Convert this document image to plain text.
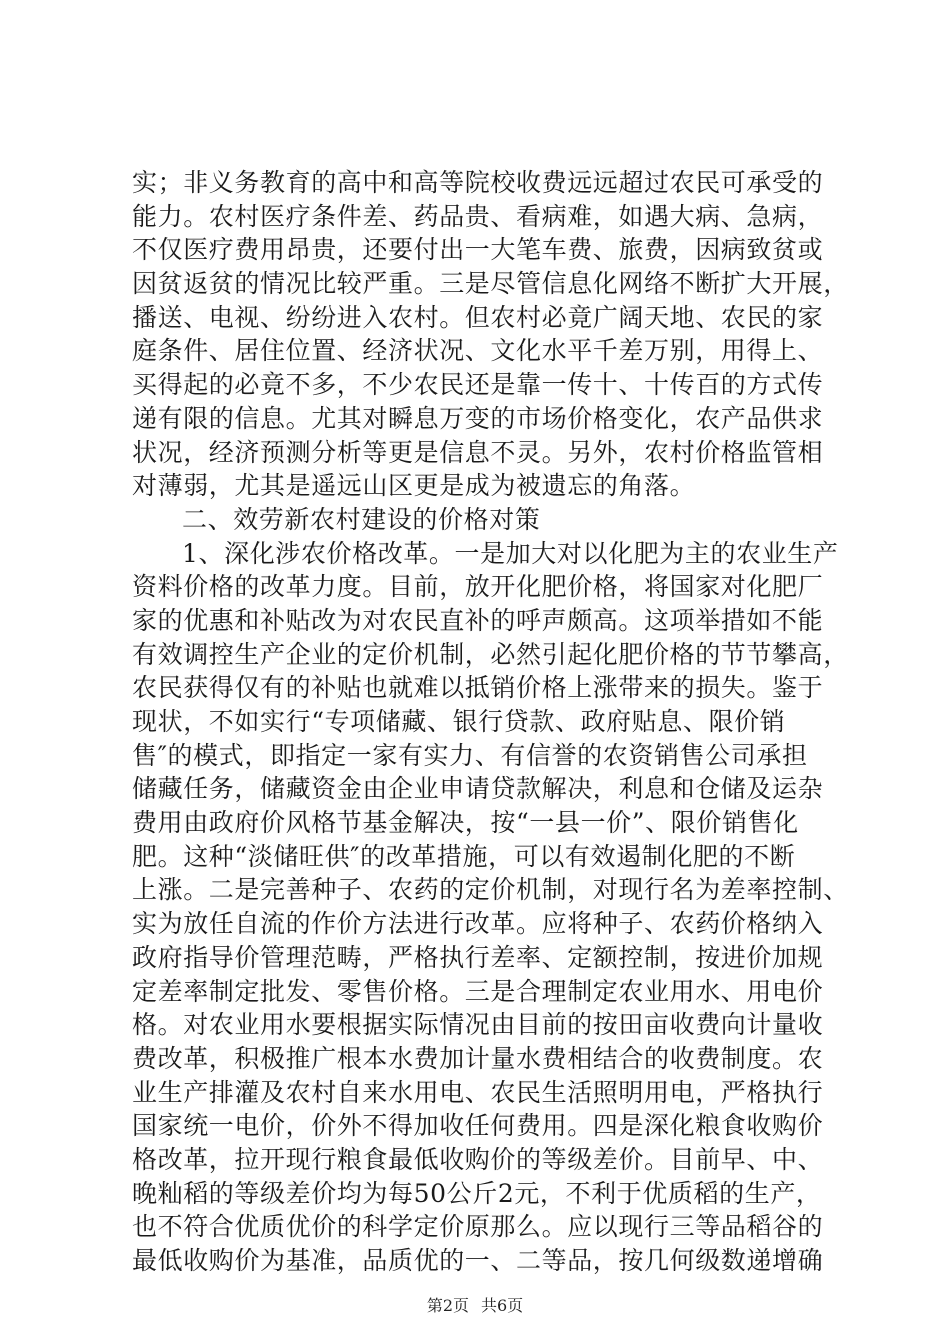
实；非义务教育的高中和高等院校收费远远超过农民可承受的
能力。农村医疗条件差、药品贵、看病难，如遇大病、急病，
不仅医疗费用昂贵，还要付出一大笔车费、旅费，因病致贫或
因贫返贫的情况比较严重。三是尽管信息化网络不断扩大开展，
播送、电视、纷纷进入农村。但农村必竟广阔天地、农民的家
庭条件、居住位置、经济状况、文化水平千差万别，用得上、
买得起的必竟不多，不少农民还是靠一传十、十传百的方式传
递有限的信息。尤其对瞬息万变的市场价格变化，农产品供求
状况，经济预测分析等更是信息不灵。另外，农村价格监管相
对薄弱，尤其是遥远山区更是成为被遗忘的角落。
二、效劳新农村建设的价格对策
1、深化涉农价格改革。一是加大对以化肥为主的农业生产
资料价格的改革力度。目前，放开化肥价格，将国家对化肥厂
家的优惠和补贴改为对农民直补的呼声颇高。这项举措如不能
有效调控生产企业的定价机制，必然引起化肥价格的节节攀高，
农民获得仅有的补贴也就难以抵销价格上涨带来的损失。鉴于
现状，不如实行“专项储藏、银行贷款、政府贴息、限价销
售″的模式，即指定一家有实力、有信誉的农资销售公司承担
储藏任务，储藏资金由企业申请贷款解决，利息和仓储及运杂
费用由政府价风格节基金解决，按“一县一价”、限价销售化
肥。这种“淡储旺供″的改革措施，可以有效遏制化肥的不断
上涨。二是完善种子、农药的定价机制，对现行名为差率控制、
实为放任自流的作价方法进行改革。应将种子、农药价格纳入
政府指导价管理范畴，严格执行差率、定额控制，按进价加规
定差率制定批发、零售价格。三是合理制定农业用水、用电价
格。对农业用水要根据实际情况由目前的按田亩收费向计量收
费改革，积极推广根本水费加计量水费相结合的收费制度。农
业生产排灌及农村自来水用电、农民生活照明用电，严格执行
国家统一电价，价外不得加收任何费用。四是深化粮食收购价
格改革，拉开现行粮食最低收购价的等级差价。目前早、中、
晚籼稻的等级差价均为每50公斤2元，不利于优质稻的生产，
也不符合优质优价的科学定价原那么。应以现行三等品稻谷的
最低收购价为基准，品质优的一、二等品，按几何级数递增确
第2页 共6页
